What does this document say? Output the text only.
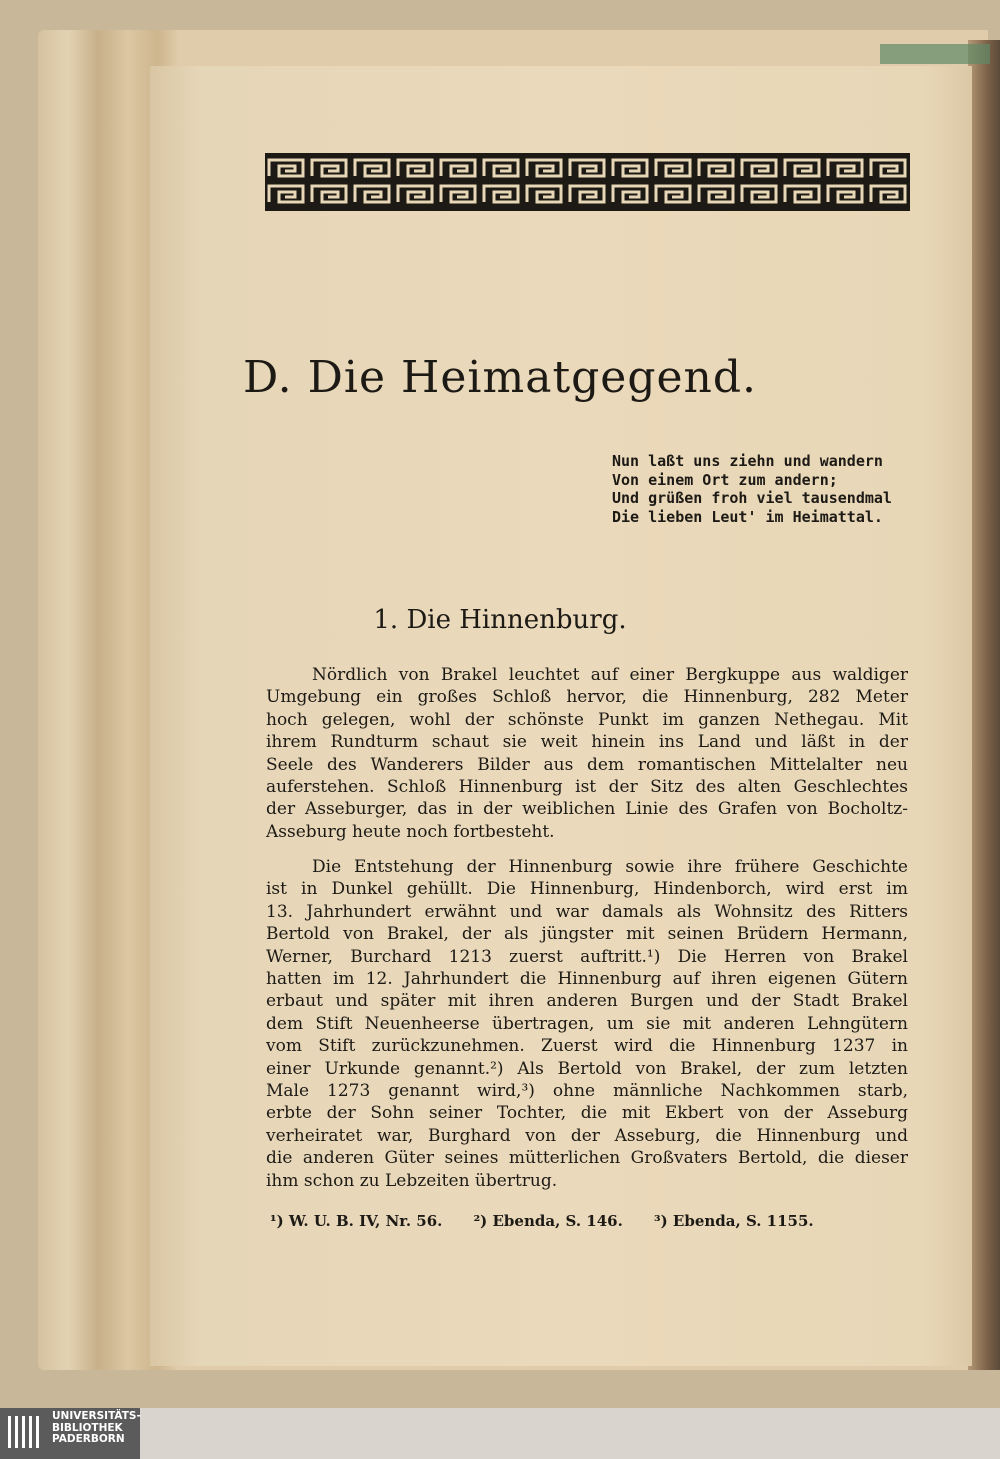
D. Die Heimatgegend.
Nun laßt uns ziehn und wandern
Von einem Ort zum andern;
Und grüßen froh viel tausendmal
Die lieben Leut' im Heimattal.
1. Die Hinnenburg.
Nördlich von Brakel leuchtet auf einer Bergkuppe aus waldiger
Umgebung ein großes Schloß hervor, die Hinnenburg, 282 Meter
hoch gelegen, wohl der schönste Punkt im ganzen Nethegau. Mit
ihrem Rundturm schaut sie weit hinein ins Land und läßt in der
Seele des Wanderers Bilder aus dem romantischen Mittelalter neu
auferstehen. Schloß Hinnenburg ist der Sitz des alten Geschlechtes
der Asseburger, das in der weiblichen Linie des Grafen von Bocholtz-
Asseburg heute noch fortbesteht.
Die Entstehung der Hinnenburg sowie ihre frühere Geschichte
ist in Dunkel gehüllt. Die Hinnenburg, Hindenborch, wird erst im
13. Jahrhundert erwähnt und war damals als Wohnsitz des Ritters
Bertold von Brakel, der als jüngster mit seinen Brüdern Hermann,
Werner, Burchard 1213 zuerst auftritt.¹) Die Herren von Brakel
hatten im 12. Jahrhundert die Hinnenburg auf ihren eigenen Gütern
erbaut und später mit ihren anderen Burgen und der Stadt Brakel
dem Stift Neuenheerse übertragen, um sie mit anderen Lehngütern
vom Stift zurückzunehmen. Zuerst wird die Hinnenburg 1237 in
einer Urkunde genannt.²) Als Bertold von Brakel, der zum letzten
Male 1273 genannt wird,³) ohne männliche Nachkommen starb,
erbte der Sohn seiner Tochter, die mit Ekbert von der Asseburg
verheiratet war, Burghard von der Asseburg, die Hinnenburg und
die anderen Güter seines mütterlichen Großvaters Bertold, die dieser
ihm schon zu Lebzeiten übertrug.
¹) W. U. B. IV, Nr. 56. ²) Ebenda, S. 146. ³) Ebenda, S. 1155.
UNIVERSITÄTS-
BIBLIOTHEK
PADERBORN
